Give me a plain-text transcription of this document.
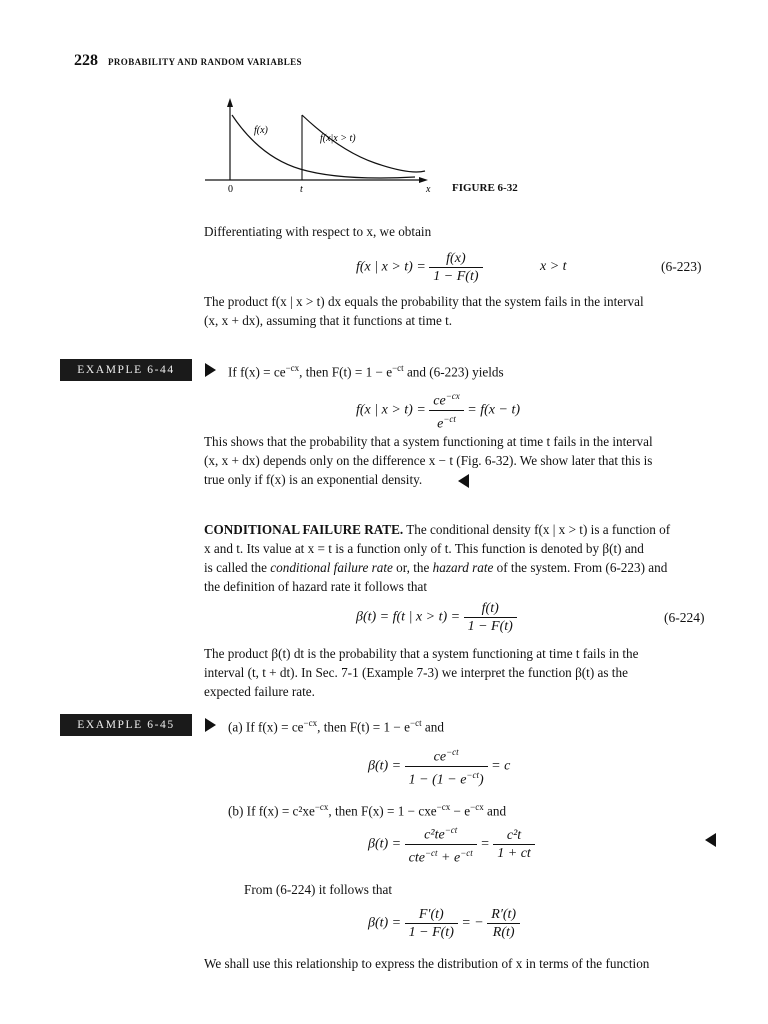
228 PROBABILITY AND RANDOM VARIABLES
f(x)
f(x|x > t)
0	t	x FIGURE 6-32
Differentiating with respect to x, we obtain
f(x | $x > t) = \frac{f(x)}{1 - F(t)}$	x > t	(6-223)
The product f(x | x > t) dx equals the probability that the system fails in the interval
(x, x + dx), assuming that it functions at time t.
EXAMPLE 6-44	If $f(x) = ce^{-cx}$, then $F(t) = 1 - e^{-ct}$ and (6-223) yields
f(x | $x > t) = \frac{ce^{-cx}}{e^{-ct}} = f(x - t)$
This shows that the probability that a system functioning at time t fails in the interval
(x, x + dx) depends only on the difference x − t (Fig. 6-32). We show later that this is
true only if f(x) is an exponential density.
CONDITIONAL FAILURE RATE. The conditional density f(x | x > t) is a function of
x and t. Its value at x = t is a function only of t. This function is denoted by β(t) and
is called the conditional failure rate or, the hazard rate of the system. From (6-223) and
the definition of hazard rate it follows that
β(t) = f(t | $x > t) = \frac{f(t)}{1 - F(t)}$	(6-224)
The product β(t) dt is the probability that a system functioning at time t fails in the
interval (t, t + dt). In Sec. 7-1 (Example 7-3) we interpret the function β(t) as the
expected failure rate.
EXAMPLE 6-45	(a) If $f(x) = ce^{-cx}$, then $F(t) = 1 - e^{-ct}$ and
$\beta(t) = \frac{ce^{-ct}}{1 - (1 - e^{-ct})} = c$
(b) If $f(x) = c^2xe^{-cx}$, then $F(x) = 1 - cxe^{-cx} - e^{-cx}$ and
$\beta(t) = \frac{c^2te^{-ct}}{cte^{-ct} + e^{-ct}} = \frac{\text{c²t}}{1 + ct}$
From (6-224) it follows that
$\beta(t) = \frac{F'(t)}{1 - F(t)}$ = − $\frac{R'(t)}{R(t)}$
We shall use this relationship to express the distribution of x in terms of the function
